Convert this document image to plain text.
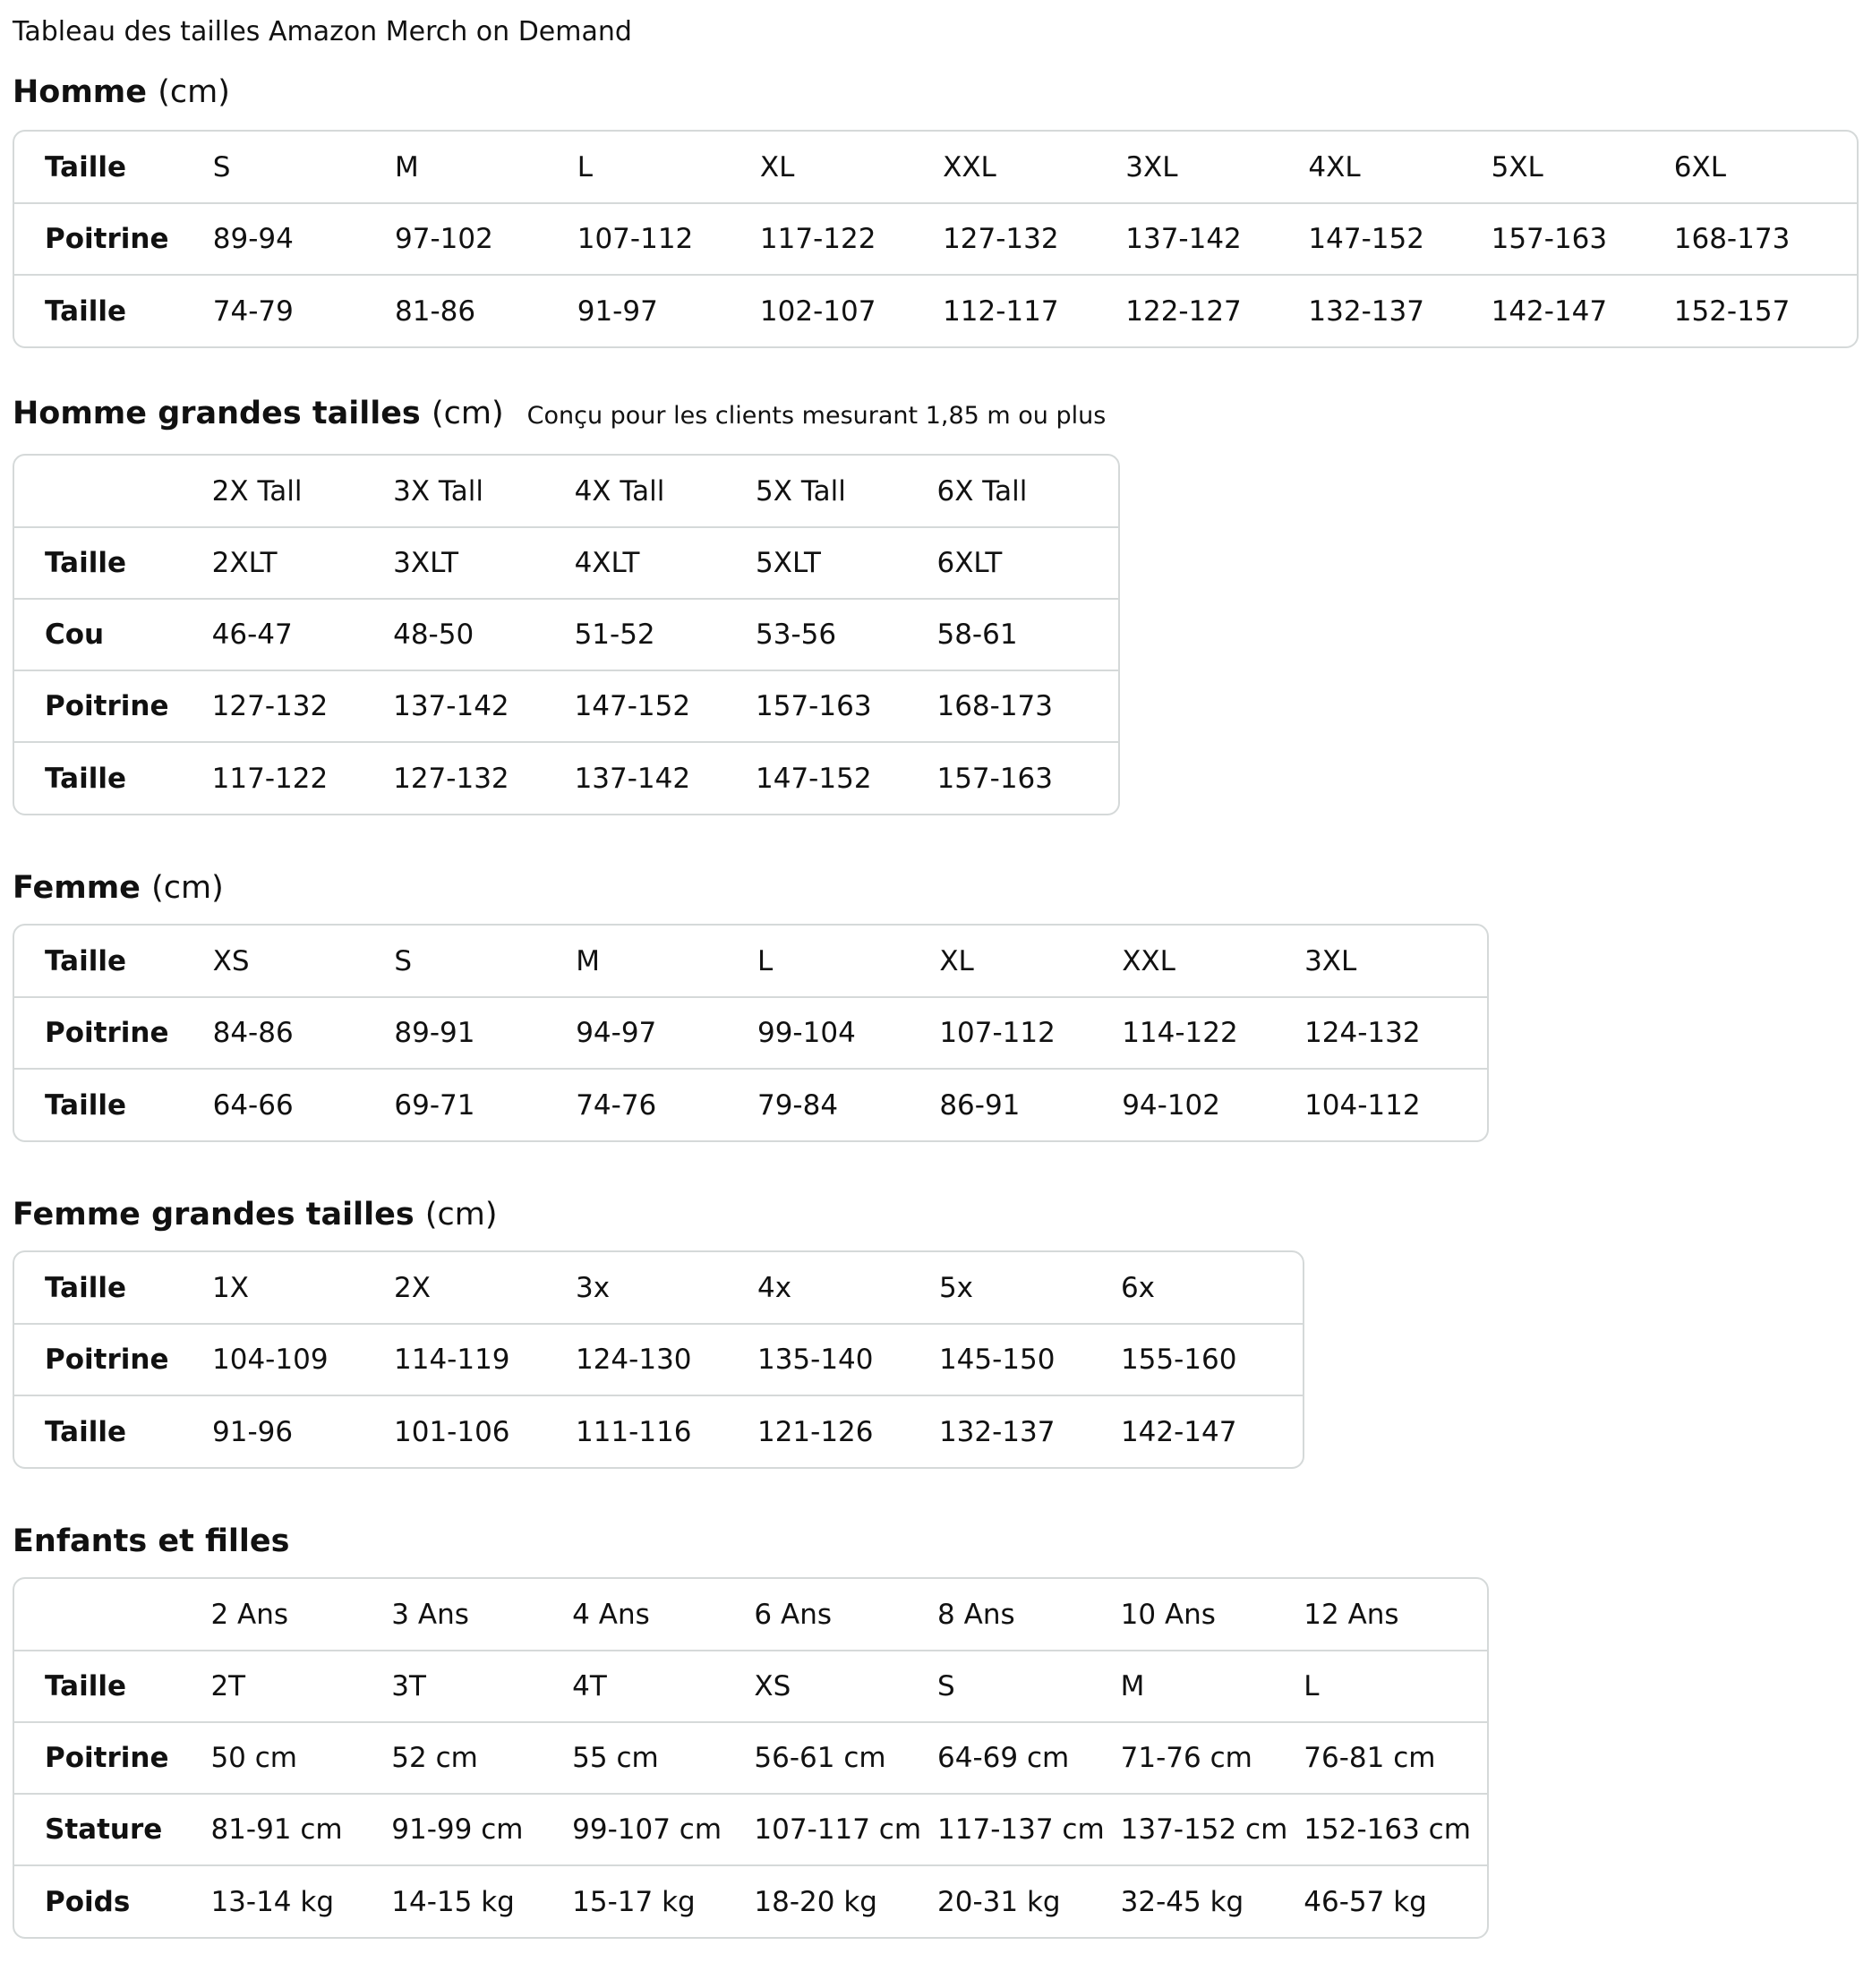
Tableau des tailles Amazon Merch on Demand
Homme (cm)
Taille	S	M	L	XL	XXL	3XL	4XL	5XL	6XL
Poitrine	89-94	97-102	107-112	117-122	127-132	137-142	147-152	157-163	168-173
Taille	74-79	81-86	91-97	102-107	112-117	122-127	132-137	142-147	152-157
Homme grandes tailles (cm) Conçu pour les clients mesurant 1,85 m ou plus
	2X Tall	3X Tall	4X Tall	5X Tall	6X Tall
Taille	2XLT	3XLT	4XLT	5XLT	6XLT
Cou	46-47	48-50	51-52	53-56	58-61
Poitrine	127-132	137-142	147-152	157-163	168-173
Taille	117-122	127-132	137-142	147-152	157-163
Femme (cm)
Taille	XS	S	M	L	XL	XXL	3XL
Poitrine	84-86	89-91	94-97	99-104	107-112	114-122	124-132
Taille	64-66	69-71	74-76	79-84	86-91	94-102	104-112
Femme grandes tailles (cm)
Taille	1X	2X	3x	4x	5x	6x
Poitrine	104-109	114-119	124-130	135-140	145-150	155-160
Taille	91-96	101-106	111-116	121-126	132-137	142-147
Enfants et filles
	2 Ans	3 Ans	4 Ans	6 Ans	8 Ans	10 Ans	12 Ans
Taille	2T	3T	4T	XS	S	M	L
Poitrine	50 cm	52 cm	55 cm	56-61 cm	64-69 cm	71-76 cm	76-81 cm
Stature	81-91 cm	91-99 cm	99-107 cm	107-117 cm	117-137 cm	137-152 cm	152-163 cm
Poids	13-14 kg	14-15 kg	15-17 kg	18-20 kg	20-31 kg	32-45 kg	46-57 kg
